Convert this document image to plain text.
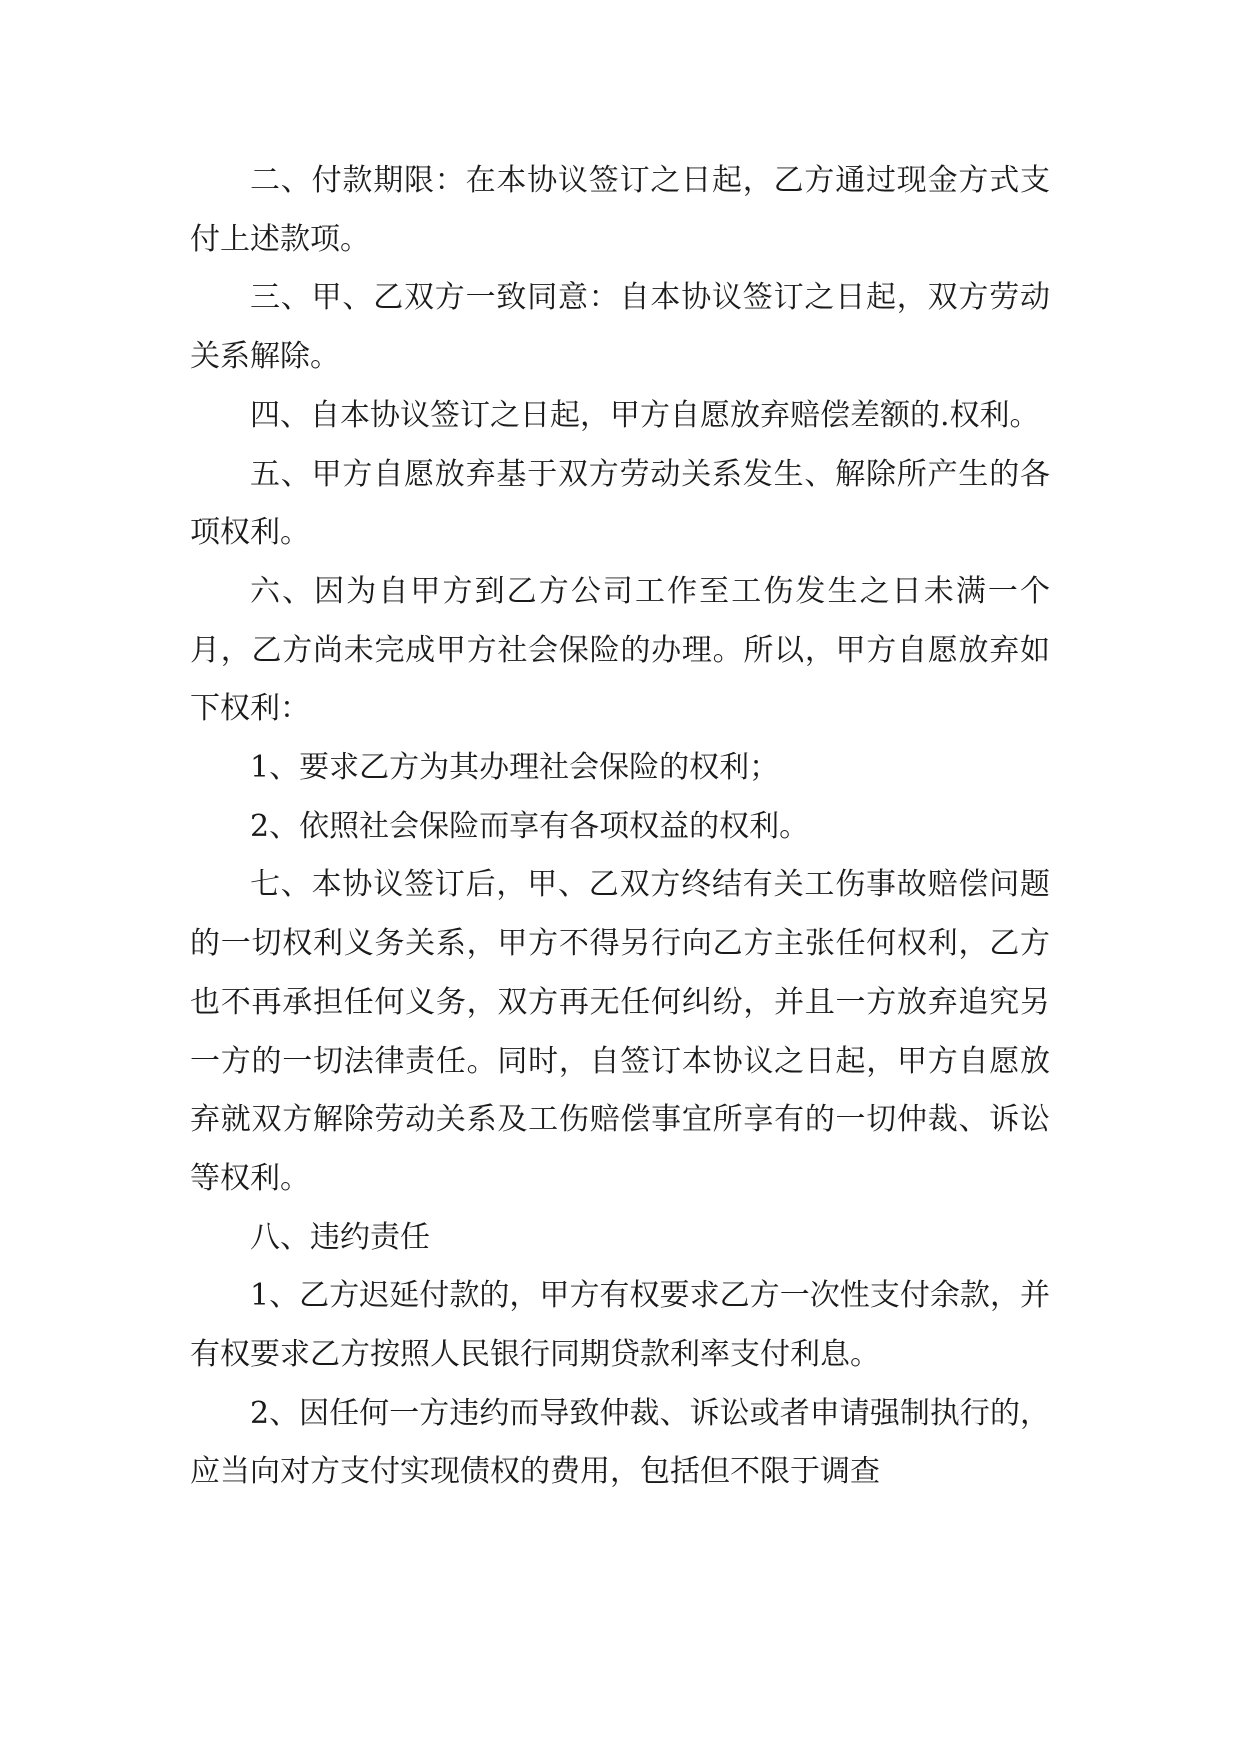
二、付款期限：在本协议签订之日起，乙方通过现金方式支付上述款项。

三、甲、乙双方一致同意：自本协议签订之日起，双方劳动关系解除。

四、自本协议签订之日起，甲方自愿放弃赔偿差额的.权利。

五、甲方自愿放弃基于双方劳动关系发生、解除所产生的各项权利。

六、因为自甲方到乙方公司工作至工伤发生之日未满一个月，乙方尚未完成甲方社会保险的办理。所以，甲方自愿放弃如下权利：

1、要求乙方为其办理社会保险的权利；

2、依照社会保险而享有各项权益的权利。

七、本协议签订后，甲、乙双方终结有关工伤事故赔偿问题的一切权利义务关系，甲方不得另行向乙方主张任何权利，乙方也不再承担任何义务，双方再无任何纠纷，并且一方放弃追究另一方的一切法律责任。同时，自签订本协议之日起，甲方自愿放弃就双方解除劳动关系及工伤赔偿事宜所享有的一切仲裁、诉讼等权利。

八、违约责任

1、乙方迟延付款的，甲方有权要求乙方一次性支付余款，并有权要求乙方按照人民银行同期贷款利率支付利息。

2、因任何一方违约而导致仲裁、诉讼或者申请强制执行的，应当向对方支付实现债权的费用，包括但不限于调查
